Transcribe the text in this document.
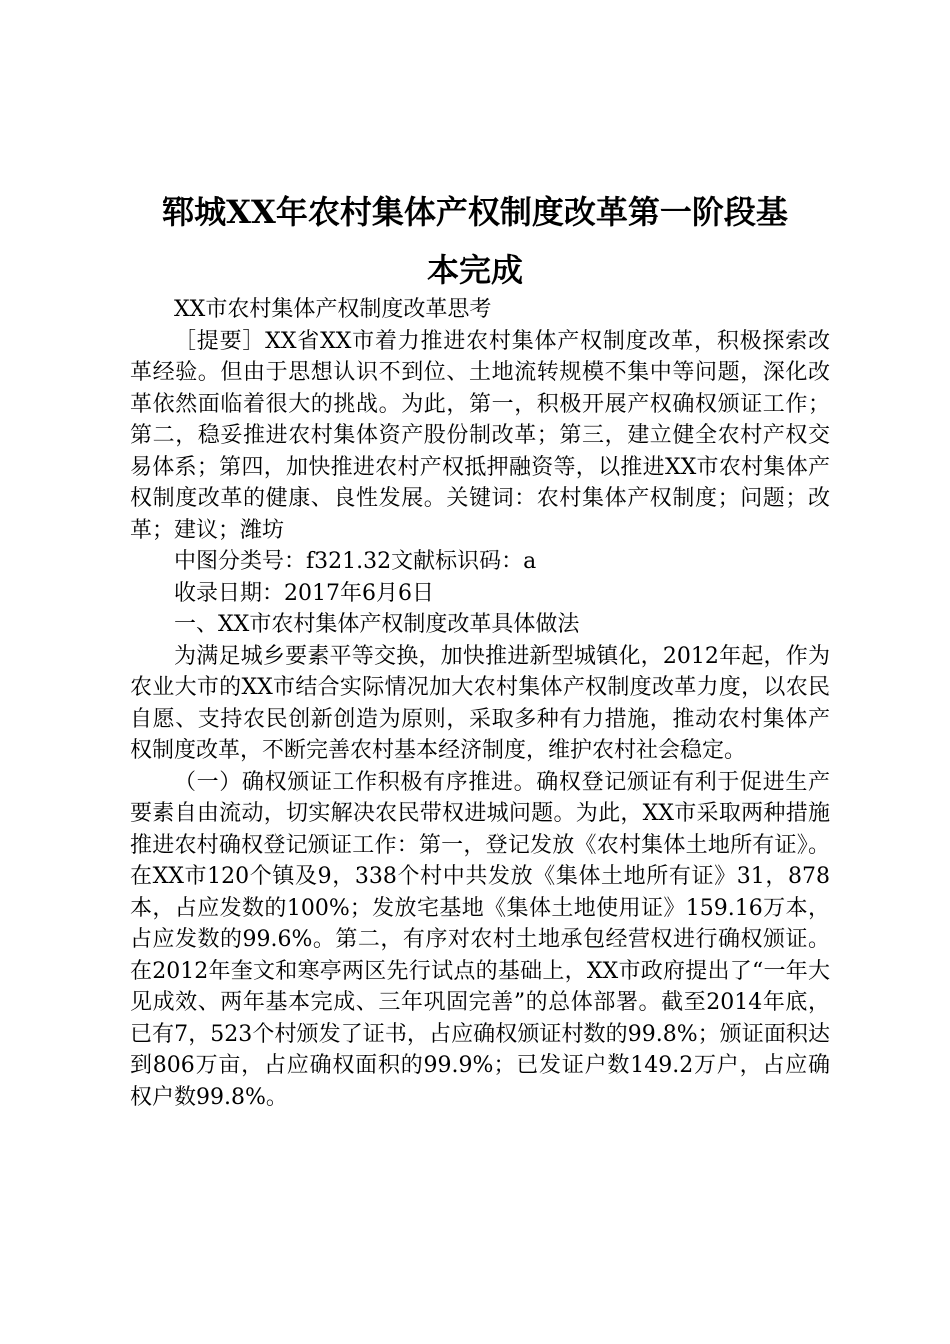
郓城XX年农村集体产权制度改革第一阶段基
本完成

XX市农村集体产权制度改革思考

［提要］XX省XX市着力推进农村集体产权制度改革，积极探索改革经验。但由于思想认识不到位、土地流转规模不集中等问题，深化改革依然面临着很大的挑战。为此，第一，积极开展产权确权颁证工作；第二，稳妥推进农村集体资产股份制改革；第三，建立健全农村产权交易体系；第四，加快推进农村产权抵押融资等，以推进XX市农村集体产权制度改革的健康、良性发展。关键词：农村集体产权制度；问题；改革；建议；潍坊

中图分类号：f321.32文献标识码：a

收录日期：2017年6月6日

一、XX市农村集体产权制度改革具体做法

为满足城乡要素平等交换，加快推进新型城镇化，2012年起，作为农业大市的XX市结合实际情况加大农村集体产权制度改革力度，以农民自愿、支持农民创新创造为原则，采取多种有力措施，推动农村集体产权制度改革，不断完善农村基本经济制度，维护农村社会稳定。

（一）确权颁证工作积极有序推进。确权登记颁证有利于促进生产要素自由流动，切实解决农民带权进城问题。为此，XX市采取两种措施推进农村确权登记颁证工作：第一，登记发放《农村集体土地所有证》。在XX市120个镇及9，338个村中共发放《集体土地所有证》31，878本，占应发数的100%；发放宅基地《集体土地使用证》159.16万本，占应发数的99.6%。第二，有序对农村土地承包经营权进行确权颁证。在2012年奎文和寒亭两区先行试点的基础上，XX市政府提出了“一年大见成效、两年基本完成、三年巩固完善”的总体部署。截至2014年底，已有7，523个村颁发了证书，占应确权颁证村数的99.8%；颁证面积达到806万亩，占应确权面积的99.9%；已发证户数149.2万户，占应确权户数99.8%。
